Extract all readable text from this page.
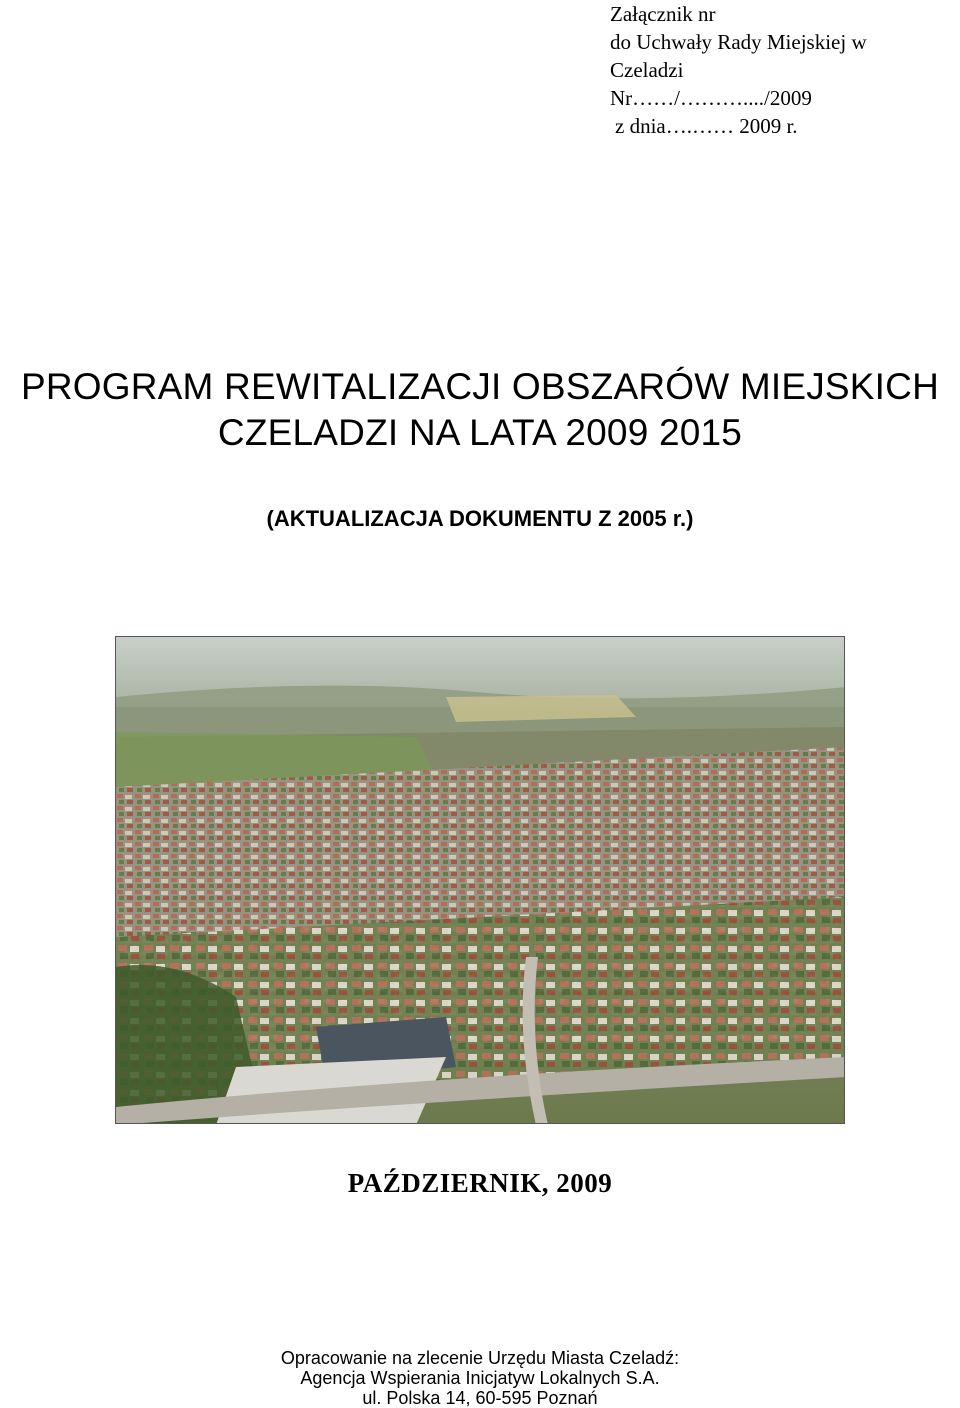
Załącznik nr
do Uchwały Rady Miejskiej w
Czeladzi
Nr……/………..../2009
z dnia….…… 2009 r.
PROGRAM REWITALIZACJI OBSZARÓW MIEJSKICH
CZELADZI NA LATA 2009 2015
(AKTUALIZACJA DOKUMENTU Z 2005 r.)
PAŹDZIERNIK, 2009
Opracowanie na zlecenie Urzędu Miasta Czeladź:
Agencja Wspierania Inicjatyw Lokalnych S.A.
ul. Polska 14, 60-595 Poznań
